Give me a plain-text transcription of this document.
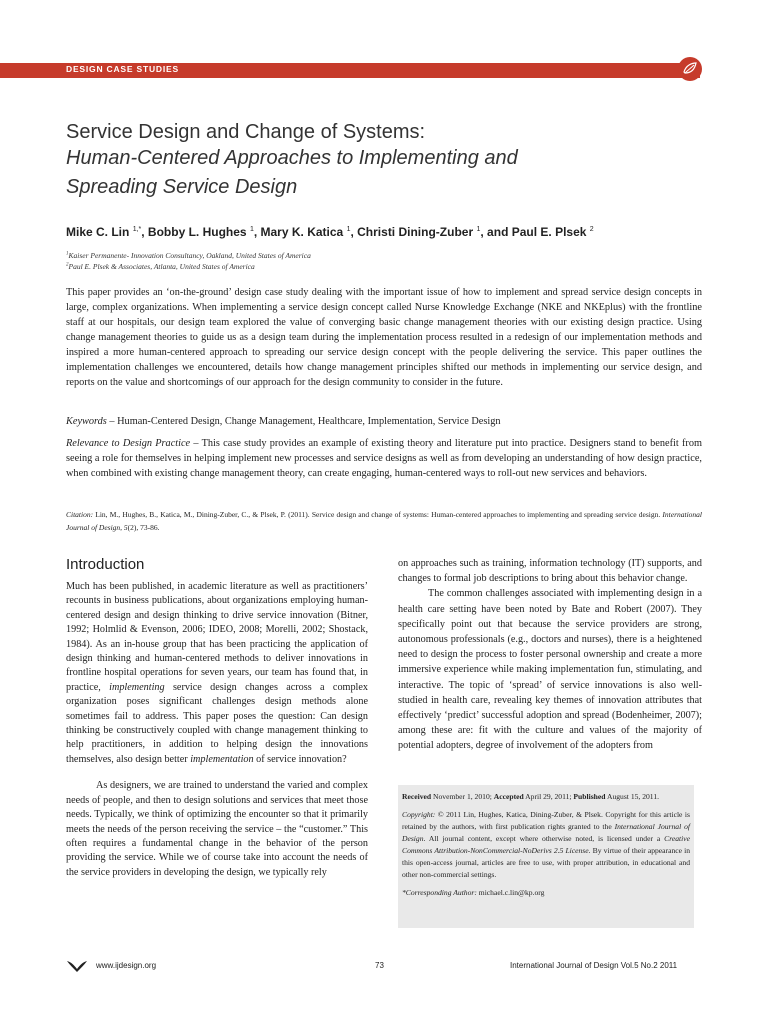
DESIGN CASE STUDIES
Service Design and Change of Systems:
Human-Centered Approaches to Implementing and
Spreading Service Design
Mike C. Lin $^{1,*}$, Bobby L. Hughes $^1$, Mary K. Katica $^1$, Christi Dining-Zuber $^1$, and Paul E. Plsek $^2$
$^1$Kaiser Permanente- Innovation Consultancy, Oakland, United States of America
$^2$Paul E. Plsek & Associates, Atlanta, United States of America
This paper provides an ‘on-the-ground’ design case study dealing with the important issue of how to implement and spread service design concepts in large, complex organizations. When implementing a service design concept called Nurse Knowledge Exchange (NKE and NKEplus) with the frontline staff at our hospitals, our design team explored the value of converging basic change management theories with our existing design practice. Using change management theories to guide us as a design team during the implementation process resulted in a redesign of our implementation methods and inspired a more human-centered approach to spreading our service design concept with the people delivering the service. This paper outlines the implementation challenges we encountered, details how change management principles shifted our methods in implementing our service design, and reports on the value and shortcomings of our approach for the design community to consider in the future.
Keywords – Human-Centered Design, Change Management, Healthcare, Implementation, Service Design
Relevance to Design Practice – This case study provides an example of existing theory and literature put into practice. Designers stand to benefit from seeing a role for themselves in helping implement new processes and service designs as well as from developing an understanding of how design practice, when combined with existing change management theory, can create engaging, human-centered ways to roll-out new services and behaviors.
Citation: Lin, M., Hughes, B., Katica, M., Dining-Zuber, C., & Plsek, P. (2011). Service design and change of systems: Human-centered approaches to implementing and spreading service design. International Journal of Design, 5(2), 73-86.
Introduction

Much has been published, in academic literature as well as practitioners’ recounts in business publications, about organizations employing human-centered design and design thinking to drive service innovation (Bitner, 1992; Holmlid & Evenson, 2006; IDEO, 2008; Morelli, 2002; Shostack, 1984). As an in-house group that has been practicing the application of design thinking and human-centered methods to deliver innovations in frontline hospital operations for seven years, our team has found that, in practice, implementing service design changes across a complex organization poses significant challenges design methods alone sometimes fail to address. This paper poses the question: Can design thinking be constructively coupled with change management thinking to help practitioners, in addition to helping design the innovations themselves, also design better implementation of service innovation?

As designers, we are trained to understand the varied and complex needs of people, and then to design solutions and services that meet those needs. Typically, we think of optimizing the encounter so that it primarily meets the needs of the person receiving the service – the “customer.” This often requires a fundamental change in the behavior of the person providing the service. While we of course take into account the needs of the service providers in developing the design, we typically rely

on approaches such as training, information technology (IT) supports, and changes to formal job descriptions to bring about this behavior change.

The common challenges associated with implementing design in a health care setting have been noted by Bate and Robert (2007). They specifically point out that because the service providers are strong, autonomous professionals (e.g., doctors and nurses), there is a heightened need to design the process to foster personal ownership and create a more immersive experience while making implementation fun, stimulating, and interactive. The topic of ‘spread’ of service innovations is also well-studied in health care, revealing key themes of innovation attributes that effectively ‘predict’ successful adoption and spread (Bodenheimer, 2007); among these are: fit with the culture and values of the majority of potential adopters, degree of involvement of the adopters from

Received November 1, 2010; Accepted April 29, 2011; Published August 15, 2011.

Copyright: © 2011 Lin, Hughes, Katica, Dining-Zuber, & Plsek. Copyright for this article is retained by the authors, with first publication rights granted to the International Journal of Design. All journal content, except where otherwise noted, is licensed under a Creative Commons Attribution-NonCommercial-NoDerivs 2.5 License. By virtue of their appearance in this open-access journal, articles are free to use, with proper attribution, in educational and other non-commercial settings.

*Corresponding Author: michael.c.lin@kp.org

www.ijdesign.org	73	International Journal of Design Vol.5 No.2 2011
